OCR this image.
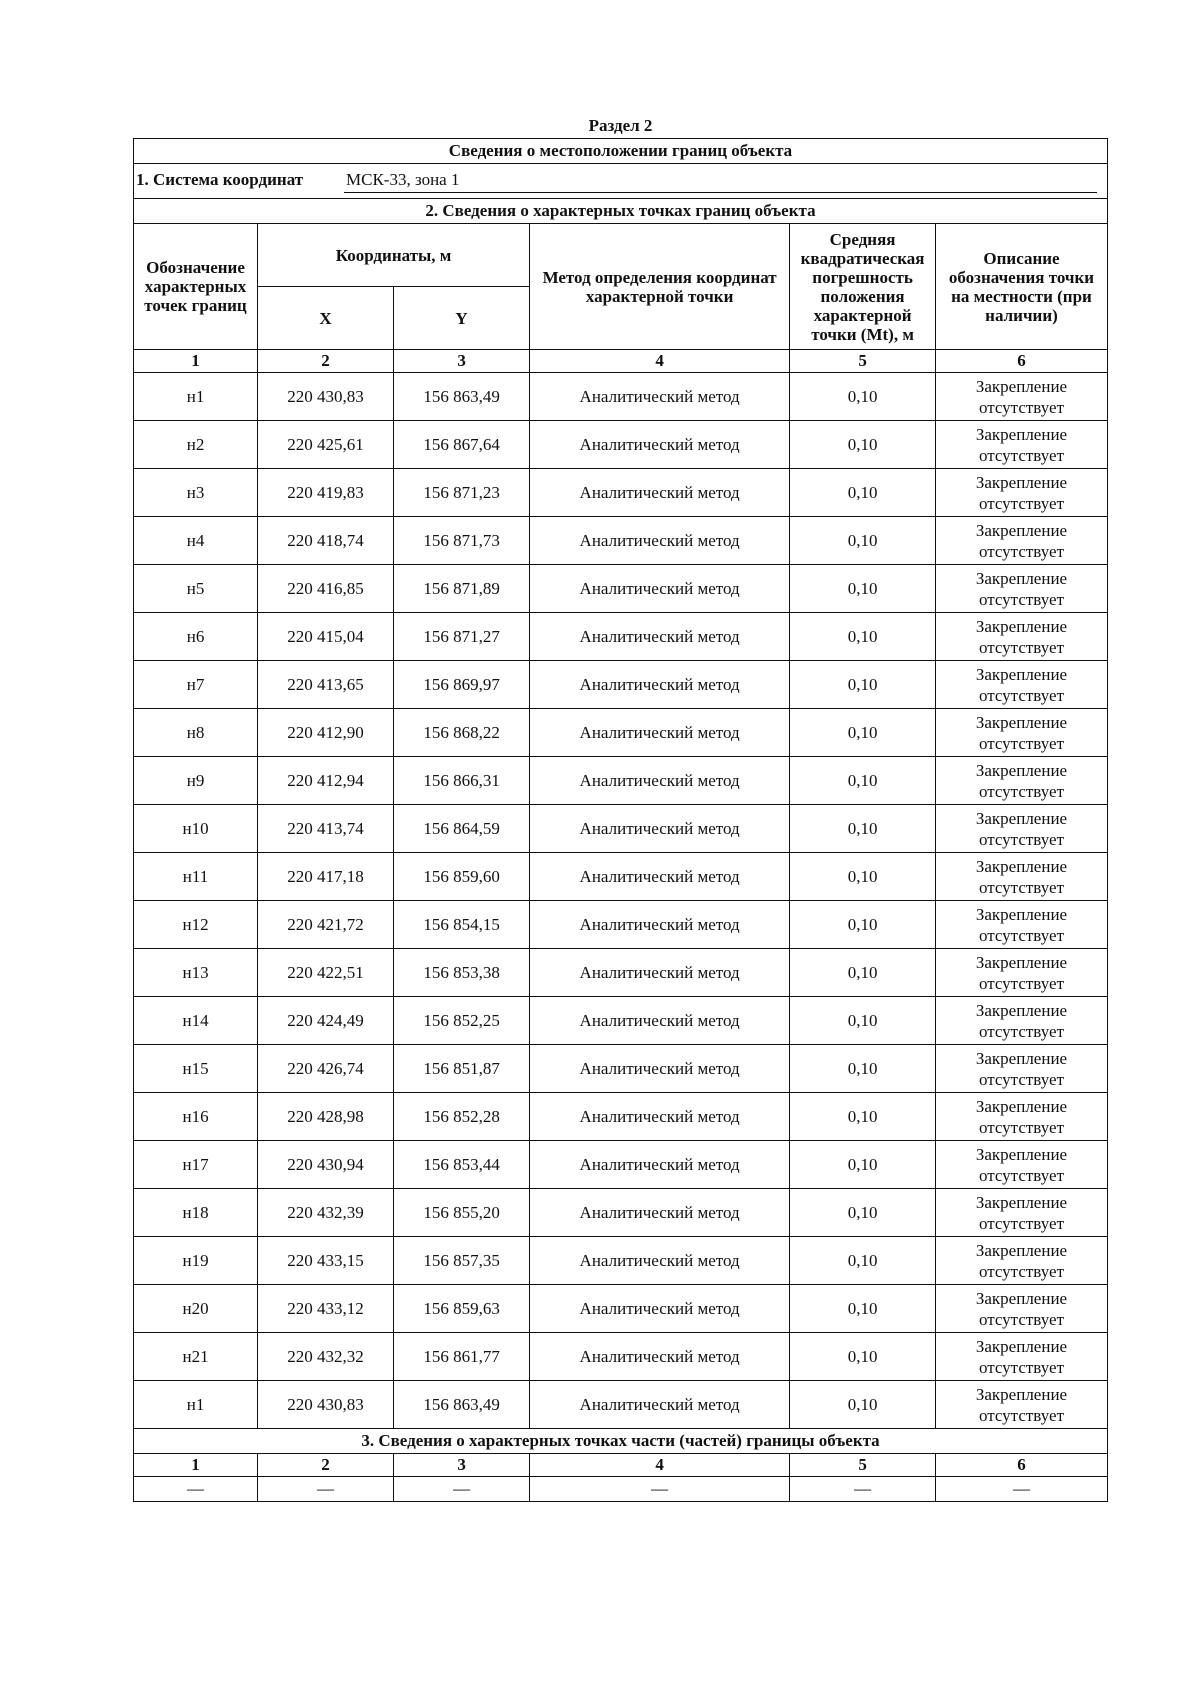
Раздел 2
Сведения о местоположении границ объекта					

1. Система координат МСК-33, зона 1					

2. Сведения о характерных точках границ объекта					
Обозначение характерных точек границ	Координаты, м		Метод определения координат характерной точки	Средняя квадратическая погрешность положения характерной точки (Mt), м	Описание обозначения точки на местности (при наличии)
	X	Y			
1	2	3	4	5	6
н1	220 430,83	156 863,49	Аналитический метод	0,10	Закрепление
отсутствует

н2	220 425,61	156 867,64	Аналитический метод	0,10	Закрепление
отсутствует

н3	220 419,83	156 871,23	Аналитический метод	0,10	Закрепление
отсутствует

н4	220 418,74	156 871,73	Аналитический метод	0,10	Закрепление
отсутствует

н5	220 416,85	156 871,89	Аналитический метод	0,10	Закрепление
отсутствует

н6	220 415,04	156 871,27	Аналитический метод	0,10	Закрепление
отсутствует

н7	220 413,65	156 869,97	Аналитический метод	0,10	Закрепление
отсутствует

н8	220 412,90	156 868,22	Аналитический метод	0,10	Закрепление
отсутствует

н9	220 412,94	156 866,31	Аналитический метод	0,10	Закрепление
отсутствует

н10	220 413,74	156 864,59	Аналитический метод	0,10	Закрепление
отсутствует

н11	220 417,18	156 859,60	Аналитический метод	0,10	Закрепление
отсутствует

н12	220 421,72	156 854,15	Аналитический метод	0,10	Закрепление
отсутствует

н13	220 422,51	156 853,38	Аналитический метод	0,10	Закрепление
отсутствует

н14	220 424,49	156 852,25	Аналитический метод	0,10	Закрепление
отсутствует

н15	220 426,74	156 851,87	Аналитический метод	0,10	Закрепление
отсутствует

н16	220 428,98	156 852,28	Аналитический метод	0,10	Закрепление
отсутствует

н17	220 430,94	156 853,44	Аналитический метод	0,10	Закрепление
отсутствует

н18	220 432,39	156 855,20	Аналитический метод	0,10	Закрепление
отсутствует

н19	220 433,15	156 857,35	Аналитический метод	0,10	Закрепление
отсутствует

н20	220 433,12	156 859,63	Аналитический метод	0,10	Закрепление
отсутствует

н21	220 432,32	156 861,77	Аналитический метод	0,10	Закрепление
отсутствует

н1	220 430,83	156 863,49	Аналитический метод	0,10	Закрепление
отсутствует

3. Сведения о характерных точках части (частей) границы объекта					
1	2	3	4	5	6
—	—	—	—	—	—
